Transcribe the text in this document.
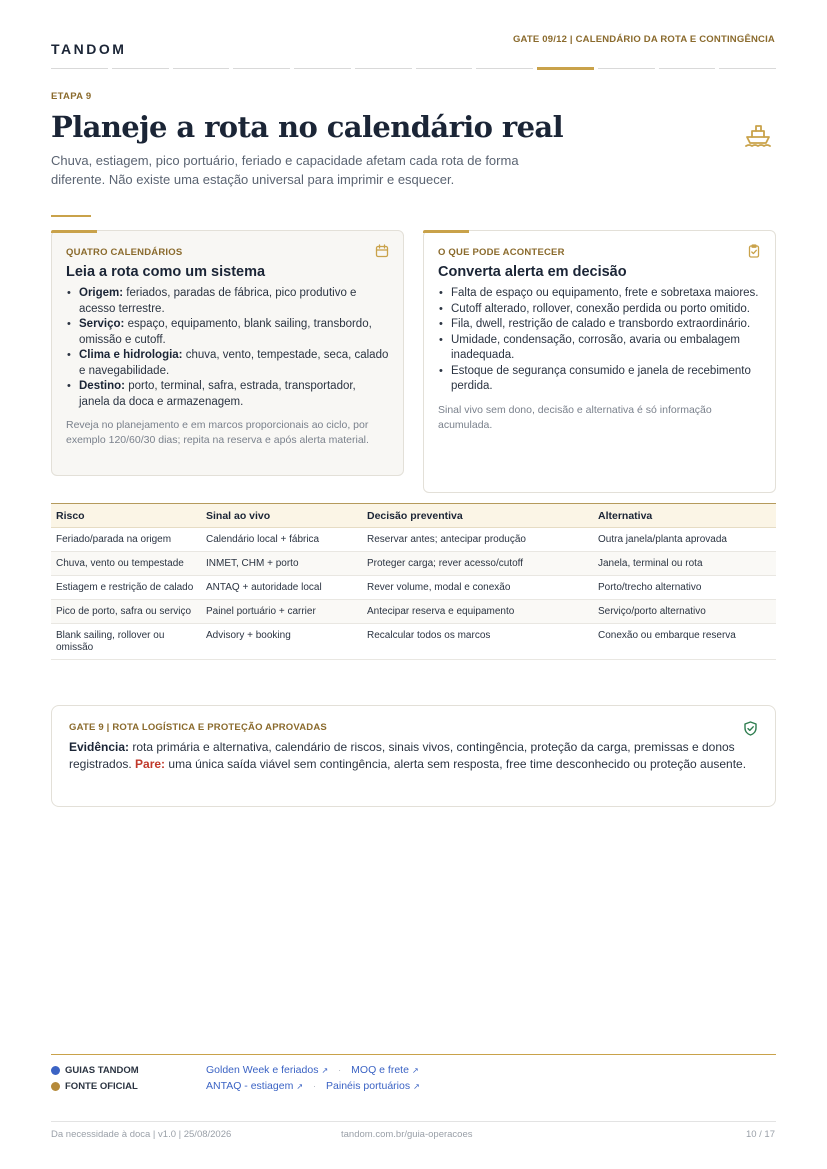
TANDOM
GATE 09/12 | CALENDÁRIO DA ROTA E CONTINGÊNCIA
ETAPA 9
Planeje a rota no calendário real

Chuva, estiagem, pico portuário, feriado e capacidade afetam cada rota de forma diferente. Não existe uma estação universal para imprimir e esquecer.

QUATRO CALENDÁRIOS
Leia a rota como um sistema
• Origem: feriados, paradas de fábrica, pico produtivo e acesso terrestre.
• Serviço: espaço, equipamento, blank sailing, transbordo, omissão e cutoff.
• Clima e hidrologia: chuva, vento, tempestade, seca, calado e navegabilidade.
• Destino: porto, terminal, safra, estrada, transportador, janela da doca e armazenagem.

Reveja no planejamento e em marcos proporcionais ao ciclo, por exemplo 120/60/30 dias; repita na reserva e após alerta material.

O QUE PODE ACONTECER
Converta alerta em decisão
• Falta de espaço ou equipamento, frete e sobretaxa maiores.
• Cutoff alterado, rollover, conexão perdida ou porto omitido.
• Fila, dwell, restrição de calado e transbordo extraordinário.
• Umidade, condensação, corrosão, avaria ou embalagem inadequada.
• Estoque de segurança consumido e janela de recebimento perdida.

Sinal vivo sem dono, decisão e alternativa é só informação acumulada.

Risco	Sinal ao vivo	Decisão preventiva	Alternativa
Feriado/parada na origem	Calendário local + fábrica	Reservar antes; antecipar produção	Outra janela/planta aprovada
Chuva, vento ou tempestade	INMET, CHM + porto	Proteger carga; rever acesso/cutoff	Janela, terminal ou rota
Estiagem e restrição de calado	ANTAQ + autoridade local	Rever volume, modal e conexão	Porto/trecho alternativo
Pico de porto, safra ou serviço	Painel portuário + carrier	Antecipar reserva e equipamento	Serviço/porto alternativo
Blank sailing, rollover ou omissão	Advisory + booking	Recalcular todos os marcos	Conexão ou embarque reserva
GATE 9 | ROTA LOGÍSTICA E PROTEÇÃO APROVADAS

Evidência: rota primária e alternativa, calendário de riscos, sinais vivos, contingência, proteção da carga, premissas e donos registrados. Pare: uma única saída viável sem contingência, alerta sem resposta, free time desconhecido ou proteção ausente.

GUIAS TANDOM	Golden Week e feriados ↗ · MOQ e frete ↗
FONTE OFICIAL	ANTAQ - estiagem ↗ · Painéis portuários ↗
Da necessidade à doca | v1.0 | 25/08/2026	tandom.com.br/guia-operacoes	10 / 17
